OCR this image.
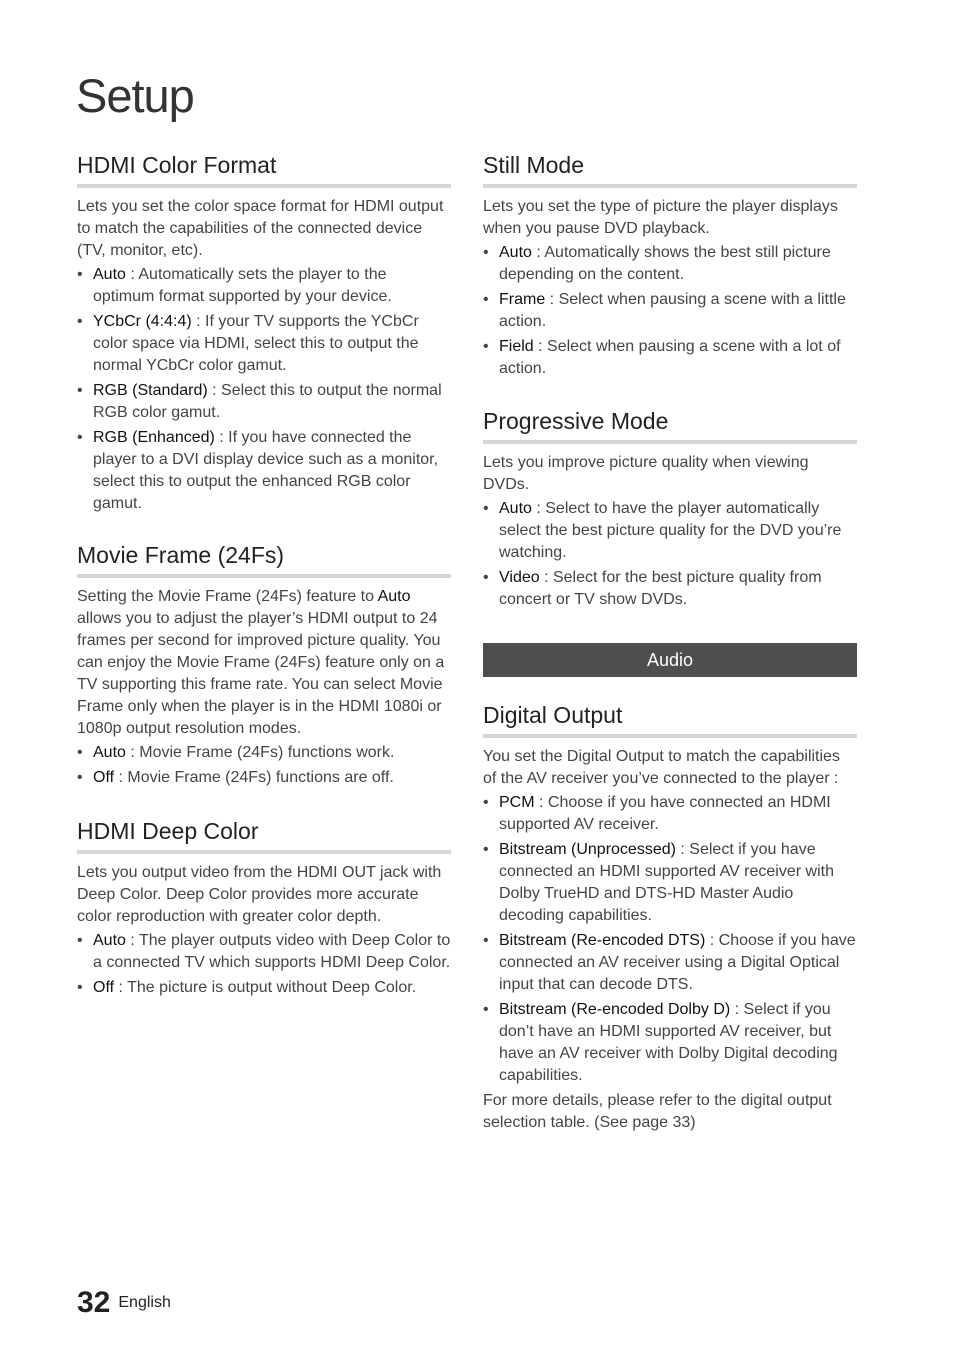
Setup
HDMI Color Format

Lets you set the color space format for HDMI output to match the capabilities of the connected device (TV, monitor, etc).

• Auto : Automatically sets the player to the optimum format supported by your device.
• YCbCr (4:4:4) : If your TV supports the YCbCr color space via HDMI, select this to output the normal YCbCr color gamut.
• RGB (Standard) : Select this to output the normal RGB color gamut.
• RGB (Enhanced) : If you have connected the player to a DVI display device such as a monitor, select this to output the enhanced RGB color gamut.
Movie Frame (24Fs)

Setting the Movie Frame (24Fs) feature to Auto allows you to adjust the player’s HDMI output to 24 frames per second for improved picture quality. You can enjoy the Movie Frame (24Fs) feature only on a TV supporting this frame rate. You can select Movie Frame only when the player is in the HDMI 1080i or 1080p output resolution modes.

• Auto : Movie Frame (24Fs) functions work.
• Off : Movie Frame (24Fs) functions are off.
HDMI Deep Color

Lets you output video from the HDMI OUT jack with Deep Color. Deep Color provides more accurate color reproduction with greater color depth.

• Auto : The player outputs video with Deep Color to a connected TV which supports HDMI Deep Color.
• Off : The picture is output without Deep Color.
Still Mode

Lets you set the type of picture the player displays when you pause DVD playback.

• Auto : Automatically shows the best still picture depending on the content.
• Frame : Select when pausing a scene with a little action.
• Field : Select when pausing a scene with a lot of action.
Progressive Mode

Lets you improve picture quality when viewing DVDs.

• Auto : Select to have the player automatically select the best picture quality for the DVD you’re watching.
• Video : Select for the best picture quality from concert or TV show DVDs.
Audio
Digital Output

You set the Digital Output to match the capabilities of the AV receiver you’ve connected to the player :

• PCM : Choose if you have connected an HDMI supported AV receiver.
• Bitstream (Unprocessed) : Select if you have connected an HDMI supported AV receiver with Dolby TrueHD and DTS-HD Master Audio decoding capabilities.
• Bitstream (Re-encoded DTS) : Choose if you have connected an AV receiver using a Digital Optical input that can decode DTS.
• Bitstream (Re-encoded Dolby D) : Select if you don’t have an HDMI supported AV receiver, but have an AV receiver with Dolby Digital decoding capabilities.

For more details, please refer to the digital output selection table. (See page 33)

32 English
